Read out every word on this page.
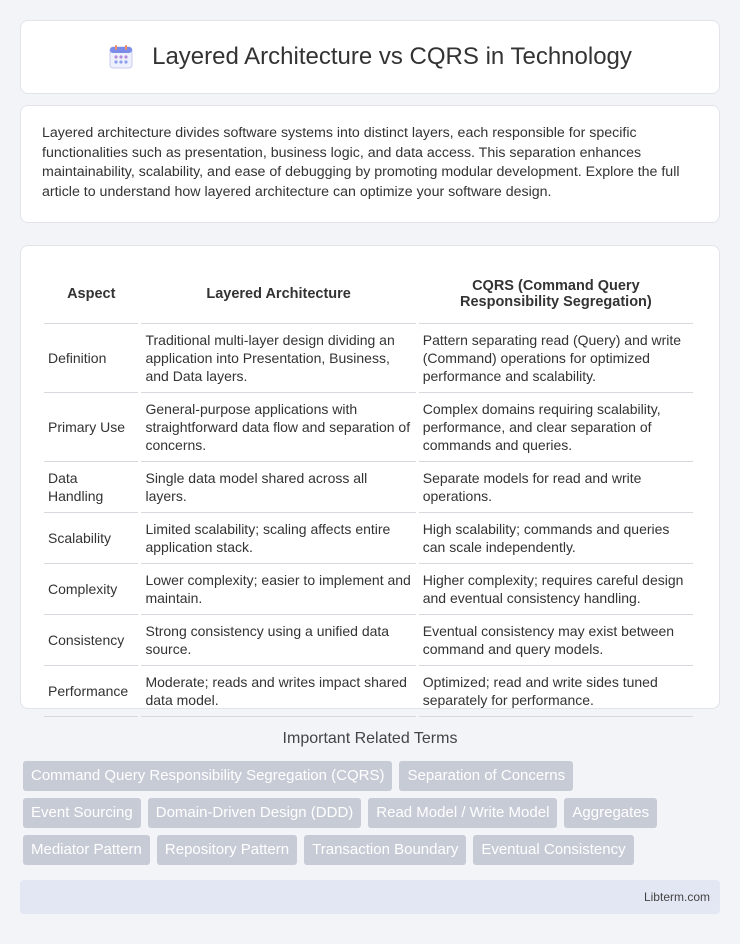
Layered Architecture vs CQRS in Technology

Layered architecture divides software systems into distinct layers, each responsible for specific functionalities such as presentation, business logic, and data access. This separation enhances maintainability, scalability, and ease of debugging by promoting modular development. Explore the full article to understand how layered architecture can optimize your software design.

Aspect	Layered Architecture	CQRS (Command Query Responsibility Segregation)
Definition	Traditional multi-layer design dividing an application into Presentation, Business, and Data layers.	Pattern separating read (Query) and write (Command) operations for optimized performance and scalability.
Primary Use	General-purpose applications with straightforward data flow and separation of concerns.	Complex domains requiring scalability, performance, and clear separation of commands and queries.
Data Handling	Single data model shared across all layers.	Separate models for read and write operations.
Scalability	Limited scalability; scaling affects entire application stack.	High scalability; commands and queries can scale independently.
Complexity	Lower complexity; easier to implement and maintain.	Higher complexity; requires careful design and eventual consistency handling.
Consistency	Strong consistency using a unified data source.	Eventual consistency may exist between command and query models.
Performance	Moderate; reads and writes impact shared data model.	Optimized; read and write sides tuned separately for performance.
Important Related Terms
Command Query Responsibility Segregation (CQRS)	Separation of Concerns
Event Sourcing	Domain-Driven Design (DDD)	Read Model / Write Model	Aggregates
Mediator Pattern	Repository Pattern	Transaction Boundary	Eventual Consistency
Libterm.com
